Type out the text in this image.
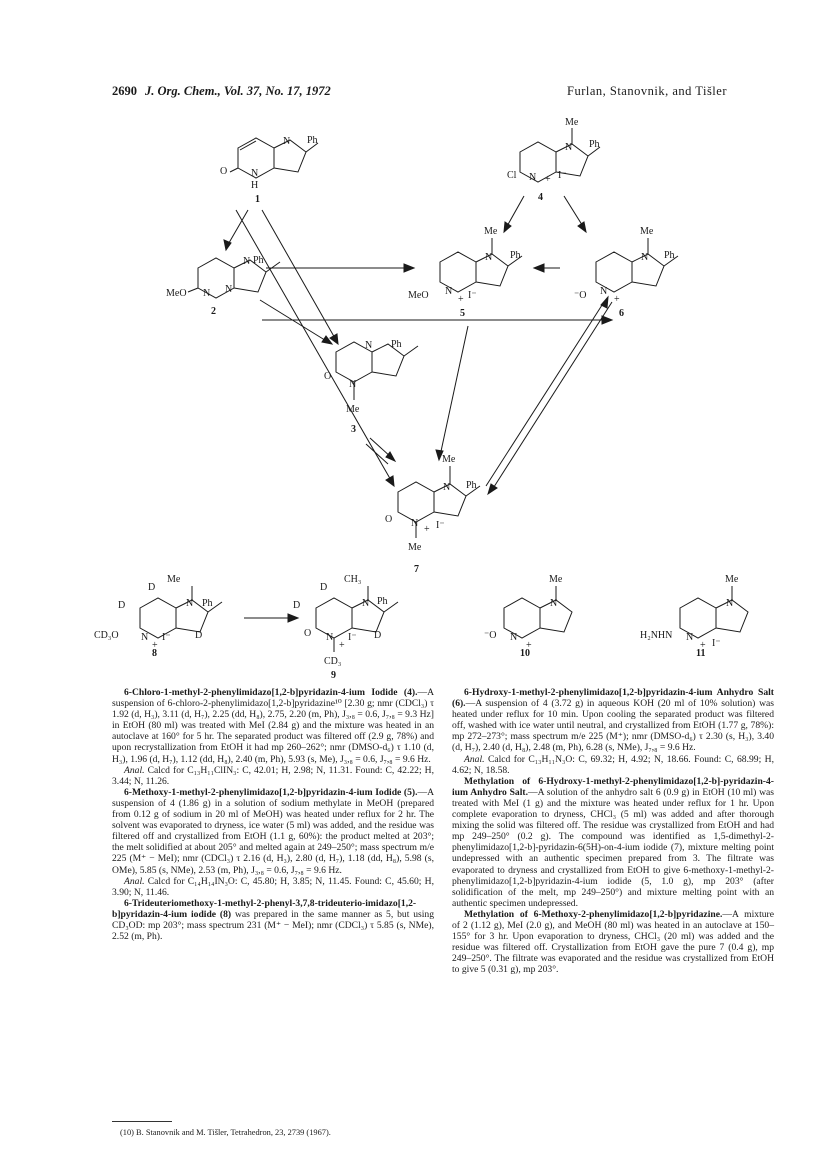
2690 J. Org. Chem., Vol. 37, No. 17, 1972	Furlan, Stanovnik, and Tišler
N Ph
O N
H
1
N Ph
MeO N N
2
N Ph
O
N
Me
3
Me
N Ph
Cl N + I⁻
4
Me
N Ph
MeO N
+ I⁻
5
Me
N Ph
⁻O N
+
6
Me
N Ph
O N
+ I⁻
Me
7
D
Me
D	N Ph
CD₃O N
+
I⁻ D
8
D
CH₃
D	N Ph
O N
+
I⁻ D
CD₃
9
Me
N
⁻O N
+
10
Me
N
H₂NHN N
+ I⁻
11

6-Chloro-1-methyl-2-phenylimidazo[1,2-b]pyridazin-4-ium Iodide (4).—A suspension of 6-chloro-2-phenylimidazo[1,2-b]pyridazine¹⁰ [2.30 g; nmr (CDCl₃) τ 1.92 (d, H₃), 3.11 (d, H₇), 2.25 (dd, H₈), 2.75, 2.20 (m, Ph), J₃,₈ = 0.6, J₇,₈ = 9.3 Hz] in EtOH (80 ml) was treated with MeI (2.84 g) and the mixture was heated in an autoclave at 160° for 5 hr. The separated product was filtered off (2.9 g, 78%) and upon recrystallization from EtOH it had mp 260–262°; nmr (DMSO-d₆) τ 1.10 (d, H₃), 1.96 (d, H₇), 1.12 (dd, H₈), 2.40 (m, Ph), 5.93 (s, Me), J₃,₈ = 0.6, J₇,₈ = 9.6 Hz.

Anal. Calcd for C₁₃H₁₁ClIN₃: C, 42.01; H, 2.98; N, 11.31. Found: C, 42.22; H, 3.44; N, 11.26.

6-Methoxy-1-methyl-2-phenylimidazo[1,2-b]pyridazin-4-ium Iodide (5).—A suspension of 4 (1.86 g) in a solution of sodium methylate in MeOH (prepared from 0.12 g of sodium in 20 ml of MeOH) was heated under reflux for 2 hr. The solvent was evaporated to dryness, ice water (5 ml) was added, and the residue was filtered off and crystallized from EtOH (1.1 g, 60%): the product melted at 203°; the melt solidified at about 205° and melted again at 249–250°; mass spectrum m/e 225 (M⁺ − MeI); nmr (CDCl₃) τ 2.16 (d, H₃), 2.80 (d, H₇), 1.18 (dd, H₈), 5.98 (s, OMe), 5.85 (s, NMe), 2.53 (m, Ph), J₃,₈ = 0.6, J₇,₈ = 9.6 Hz.

Anal. Calcd for C₁₄H₁₄IN₃O: C, 45.80; H, 3.85; N, 11.45. Found: C, 45.60; H, 3.90; N, 11.46.

6-Trideuteriomethoxy-1-methyl-2-phenyl-3,7,8-trideuterio-imidazo[1,2-b]pyridazin-4-ium iodide (8) was prepared in the same manner as 5, but using CD₃OD: mp 203°; mass spectrum 231 (M⁺ − MeI); nmr (CDCl₃) τ 5.85 (s, NMe), 2.52 (m, Ph).

6-Hydroxy-1-methyl-2-phenylimidazo[1,2-b]pyridazin-4-ium Anhydro Salt (6).—A suspension of 4 (3.72 g) in aqueous KOH (20 ml of 10% solution) was heated under reflux for 10 min. Upon cooling the separated product was filtered off, washed with ice water until neutral, and crystallized from EtOH (1.77 g, 78%): mp 272–273°; mass spectrum m/e 225 (M⁺); nmr (DMSO-d₆) τ 2.30 (s, H₃), 3.40 (d, H₇), 2.40 (d, H₈), 2.48 (m, Ph), 6.28 (s, NMe), J₇,₈ = 9.6 Hz.

Anal. Calcd for C₁₃H₁₁N₃O: C, 69.32; H, 4.92; N, 18.66. Found: C, 68.99; H, 4.62; N, 18.58.

Methylation of 6-Hydroxy-1-methyl-2-phenylimidazo[1,2-b]-pyridazin-4-ium Anhydro Salt.—A solution of the anhydro salt 6 (0.9 g) in EtOH (10 ml) was treated with MeI (1 g) and the mixture was heated under reflux for 1 hr. Upon complete evaporation to dryness, CHCl₃ (5 ml) was added and after thorough mixing the solid was filtered off. The residue was crystallized from EtOH and had mp 249–250° (0.2 g). The compound was identified as 1,5-dimethyl-2-phenylimidazo[1,2-b]-pyridazin-6(5H)-on-4-ium iodide (7), mixture melting point undepressed with an authentic specimen prepared from 3. The filtrate was evaporated to dryness and crystallized from EtOH to give 6-methoxy-1-methyl-2-phenylimidazo[1,2-b]pyridazin-4-ium iodide (5, 1.0 g), mp 203° (after solidification of the melt, mp 249–250°) and mixture melting point with an authentic specimen undepressed.

Methylation of 6-Methoxy-2-phenylimidazo[1,2-b]pyridazine.—A mixture of 2 (1.12 g), MeI (2.0 g), and MeOH (80 ml) was heated in an autoclave at 150–155° for 3 hr. Upon evaporation to dryness, CHCl₃ (20 ml) was added and the residue was filtered off. Crystallization from EtOH gave the pure 7 (0.4 g), mp 249–250°. The filtrate was evaporated and the residue was crystallized from EtOH to give 5 (0.31 g), mp 203°.

(10) B. Stanovnik and M. Tišler, Tetrahedron, 23, 2739 (1967).
